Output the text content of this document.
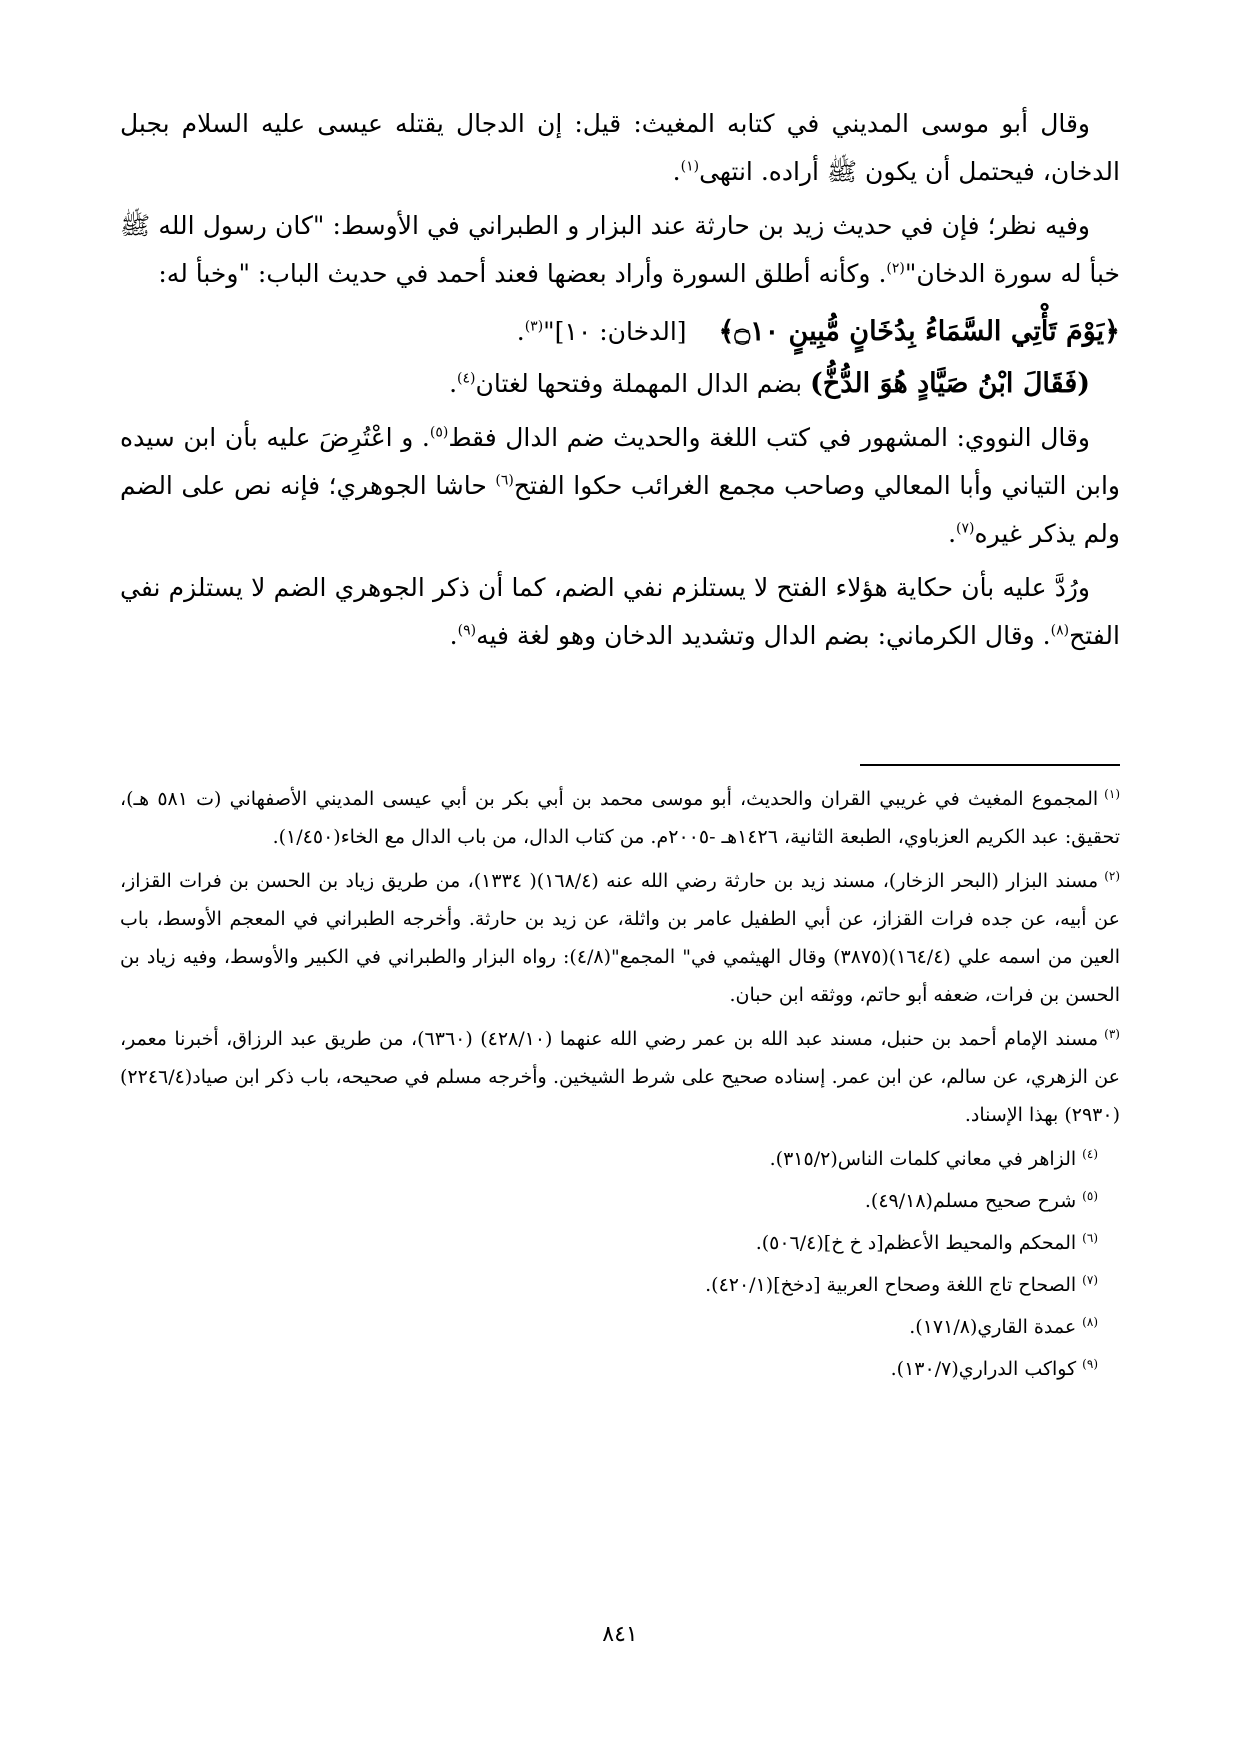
وقال أبو موسى المديني في كتابه المغيث: قيل: إن الدجال يقتله عيسى عليه السلام بجبل الدخان، فيحتمل أن يكون ﷺ أراده. انتهى$^{(١)}$.

وفيه نظر؛ فإن في حديث زيد بن حارثة عند البزار و الطبراني في الأوسط: "كان رسول الله ﷺ خبأ له سورة الدخان"$^{(٢)}$. وكأنه أطلق السورة وأراد بعضها فعند أحمد في حديث الباب: "وخبأ له:

﴿يَوْمَ تَأْتِي السَّمَاءُ بِدُخَانٍ مُّبِينٍ ۝١٠﴾ [الدخان: ١٠]"$^{(٣)}$.

(فَقَالَ ابْنُ صَيَّادٍ هُوَ الدُّخُّ) بضم الدال المهملة وفتحها لغتان$^{(٤)}$.

وقال النووي: المشهور في كتب اللغة والحديث ضم الدال فقط$^{(٥)}$. و اعْتُرِضَ عليه بأن ابن سيده وابن التياني وأبا المعالي وصاحب مجمع الغرائب حكوا الفتح$^{(٦)}$ حاشا الجوهري؛ فإنه نص على الضم ولم يذكر غيره$^{(٧)}$.

ورُدَّ عليه بأن حكاية هؤلاء الفتح لا يستلزم نفي الضم، كما أن ذكر الجوهري الضم لا يستلزم نفي الفتح$^{(٨)}$. وقال الكرماني: بضم الدال وتشديد الدخان وهو لغة فيه$^{(٩)}$.

$^{(١)}$المجموع المغيث في غريبي القران والحديث، أبو موسى محمد بن أبي بكر بن أبي عيسى المديني الأصفهاني (ت ٥٨١ هـ)، تحقيق: عبد الكريم العزباوي، الطبعة الثانية، ١٤٢٦هـ -٢٠٠٥م. من كتاب الدال، من باب الدال مع الخاء(١/٤٥٠).

$^{(٢)}$مسند البزار (البحر الزخار)، مسند زيد بن حارثة رضي الله عنه (١٦٨/٤)( ١٣٣٤)، من طريق زياد بن الحسن بن فرات القزاز، عن أبيه، عن جده فرات القزاز، عن أبي الطفيل عامر بن واثلة، عن زيد بن حارثة. وأخرجه الطبراني في المعجم الأوسط، باب العين من اسمه علي (١٦٤/٤)(٣٨٧٥) وقال الهيثمي في" المجمع"(٤/٨): رواه البزار والطبراني في الكبير والأوسط، وفيه زياد بن الحسن بن فرات، ضعفه أبو حاتم، ووثقه ابن حبان.

$^{(٣)}$مسند الإمام أحمد بن حنبل، مسند عبد الله بن عمر رضي الله عنهما (٤٢٨/١٠) (٦٣٦٠)، من طريق عبد الرزاق، أخبرنا معمر، عن الزهري، عن سالم، عن ابن عمر. إسناده صحيح على شرط الشيخين. وأخرجه مسلم في صحيحه، باب ذكر ابن صياد(٢٢٤٦/٤)(٢٩٣٠) بهذا الإسناد.

$^{(٤)}$الزاهر في معاني كلمات الناس(٣١٥/٢).

$^{(٥)}$شرح صحيح مسلم(٤٩/١٨).

$^{(٦)}$المحكم والمحيط الأعظم[د خ خ](٥٠٦/٤).

$^{(٧)}$الصحاح تاج اللغة وصحاح العربية [دخخ](٤٢٠/١).

$^{(٨)}$عمدة القاري(١٧١/٨).

$^{(٩)}$كواكب الدراري(١٣٠/٧).

٨٤١
